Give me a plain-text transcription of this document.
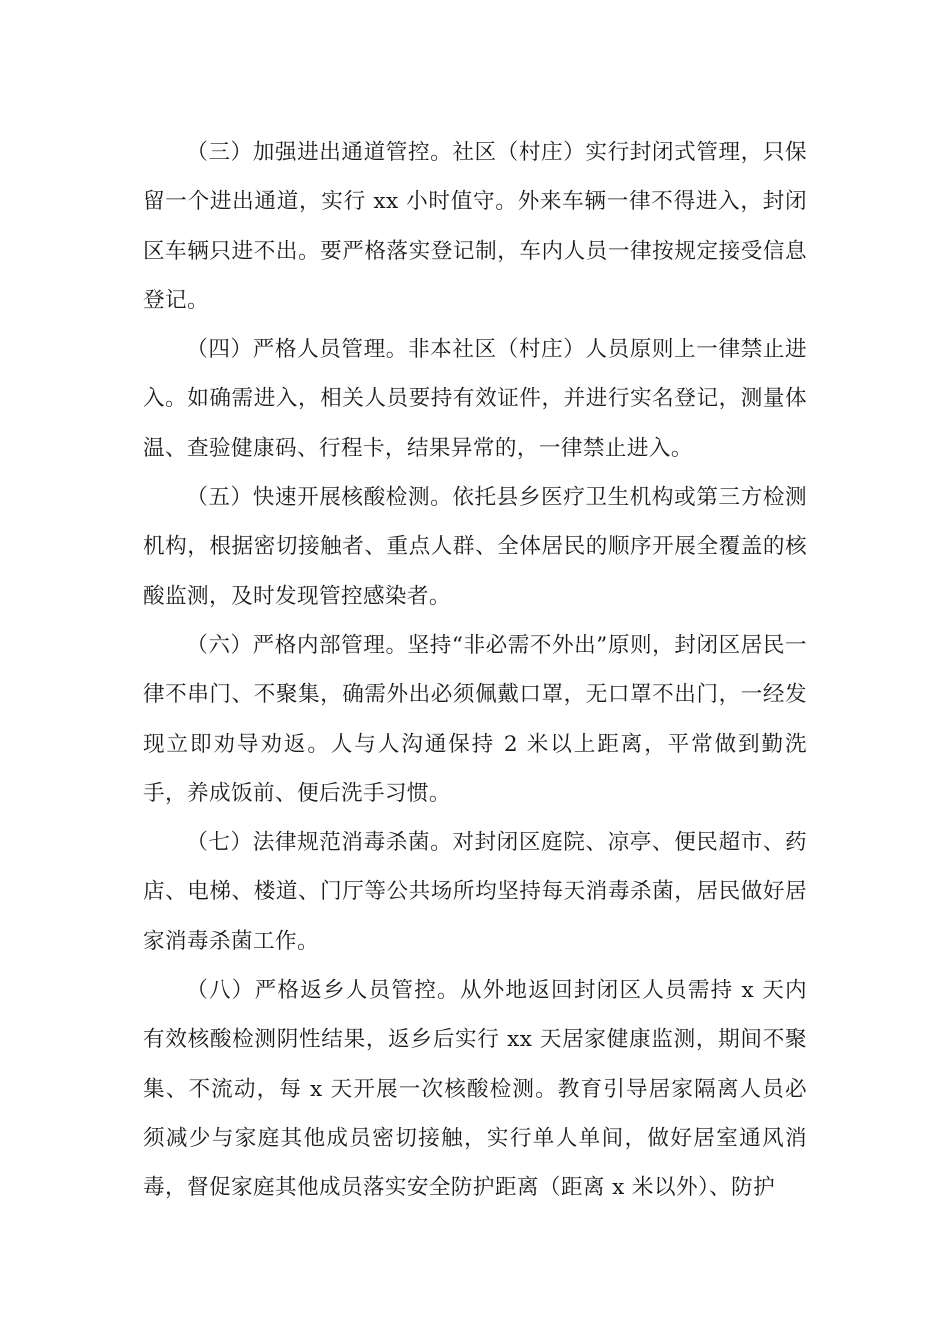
（三）加强进出通道管控。社区（村庄）实行封闭式管理，只保留一个进出通道，实行 xx 小时值守。外来车辆一律不得进入，封闭区车辆只进不出。要严格落实登记制，车内人员一律按规定接受信息登记。

（四）严格人员管理。非本社区（村庄）人员原则上一律禁止进入。如确需进入，相关人员要持有效证件，并进行实名登记，测量体温、查验健康码、行程卡，结果异常的，一律禁止进入。

（五）快速开展核酸检测。依托县乡医疗卫生机构或第三方检测机构，根据密切接触者、重点人群、全体居民的顺序开展全覆盖的核酸监测，及时发现管控感染者。

（六）严格内部管理。坚持“非必需不外出”原则，封闭区居民一律不串门、不聚集，确需外出必须佩戴口罩，无口罩不出门，一经发现立即劝导劝返。人与人沟通保持 2 米以上距离，平常做到勤洗手，养成饭前、便后洗手习惯。

（七）法律规范消毒杀菌。对封闭区庭院、凉亭、便民超市、药店、电梯、楼道、门厅等公共场所均坚持每天消毒杀菌，居民做好居家消毒杀菌工作。

（八）严格返乡人员管控。从外地返回封闭区人员需持 x 天内有效核酸检测阴性结果，返乡后实行 xx 天居家健康监测，期间不聚集、不流动，每 x 天开展一次核酸检测。教育引导居家隔离人员必须减少与家庭其他成员密切接触，实行单人单间，做好居室通风消毒，督促家庭其他成员落实安全防护距离（距离 x 米以外）、防护
